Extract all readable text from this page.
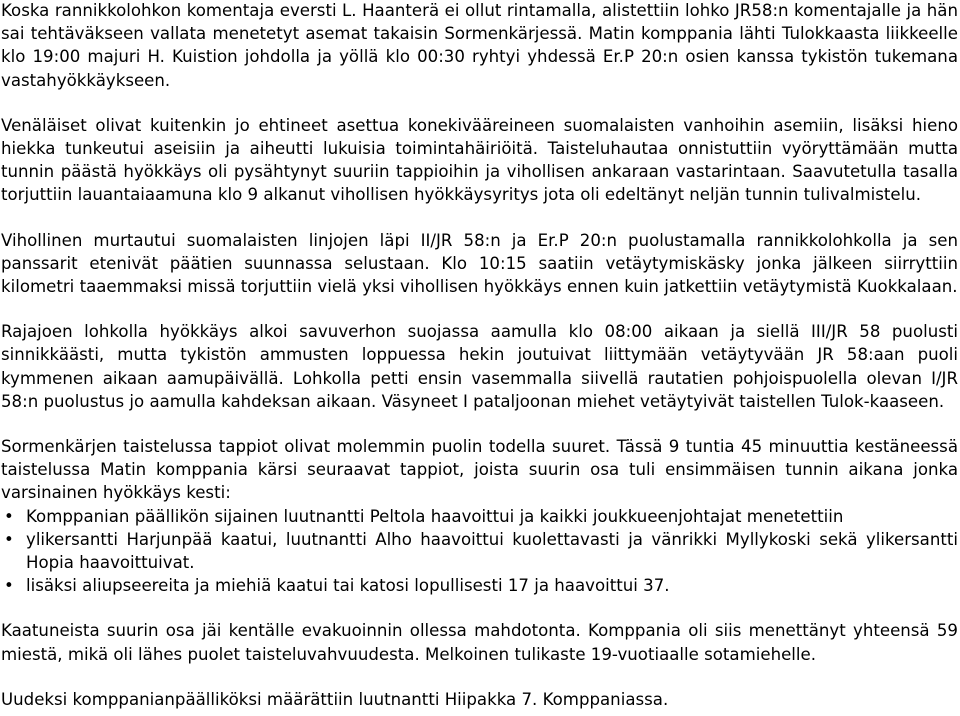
Koska rannikkolohkon komentaja eversti L. Haanterä ei ollut rintamalla, alistettiin lohko JR58:n komentajalle ja hän sai tehtäväkseen vallata menetetyt asemat takaisin Sormenkärjessä. Matin komppania lähti Tulokkaasta liikkeelle klo 19:00 majuri H. Kuistion johdolla ja yöllä klo 00:30 ryhtyi yhdessä Er.P 20:n osien kanssa tykistön tukemana vastahyökkäykseen.

Venäläiset olivat kuitenkin jo ehtineet asettua konekivääreineen suomalaisten vanhoihin asemiin, lisäksi hieno hiekka tunkeutui aseisiin ja aiheutti lukuisia toimintahäiriöitä. Taisteluhautaa onnistuttiin vyöryttämään mutta tunnin päästä hyökkäys oli pysähtynyt suuriin tappioihin ja vihollisen ankaraan vastarintaan. Saavutetulla tasalla torjuttiin lauantaiaamuna klo 9 alkanut vihollisen hyökkäysyritys jota oli edeltänyt neljän tunnin tulivalmistelu.

Vihollinen murtautui suomalaisten linjojen läpi II/JR 58:n ja Er.P 20:n puolustamalla rannikkolohkolla ja sen panssarit etenivät päätien suunnassa selustaan. Klo 10:15 saatiin vetäytymiskäsky jonka jälkeen siirryttiin kilometri taaemmaksi missä torjuttiin vielä yksi vihollisen hyökkäys ennen kuin jatkettiin vetäytymistä Kuokkalaan.

Rajajoen lohkolla hyökkäys alkoi savuverhon suojassa aamulla klo 08:00 aikaan ja siellä III/JR 58 puolusti sinnikkäästi, mutta tykistön ammusten loppuessa hekin joutuivat liittymään vetäytyvään JR 58:aan puoli kymmenen aikaan aamupäivällä. Lohkolla petti ensin vasemmalla siivellä rautatien pohjoispuolella olevan I/JR 58:n puolustus jo aamulla kahdeksan aikaan. Väsyneet I pataljoonan miehet vetäytyivät taistellen Tulok-kaaseen.

Sormenkärjen taistelussa tappiot olivat molemmin puolin todella suuret. Tässä 9 tuntia 45 minuuttia kestäneessä taistelussa Matin komppania kärsi seuraavat tappiot, joista suurin osa tuli ensimmäisen tunnin aikana jonka varsinainen hyökkäys kesti:

• Komppanian päällikön sijainen luutnantti Peltola haavoittui ja kaikki joukkueenjohtajat menetettiin
• ylikersantti Harjunpää kaatui, luutnantti Alho haavoittui kuolettavasti ja vänrikki Myllykoski sekä ylikersantti Hopia haavoittuivat.
• lisäksi aliupseereita ja miehiä kaatui tai katosi lopullisesti 17 ja haavoittui 37.

Kaatuneista suurin osa jäi kentälle evakuoinnin ollessa mahdotonta. Komppania oli siis menettänyt yhteensä 59 miestä, mikä oli lähes puolet taisteluvahvuudesta. Melkoinen tulikaste 19-vuotiaalle sotamiehelle.

Uudeksi komppanianpäälliköksi määrättiin luutnantti Hiipakka 7. Komppaniassa.
